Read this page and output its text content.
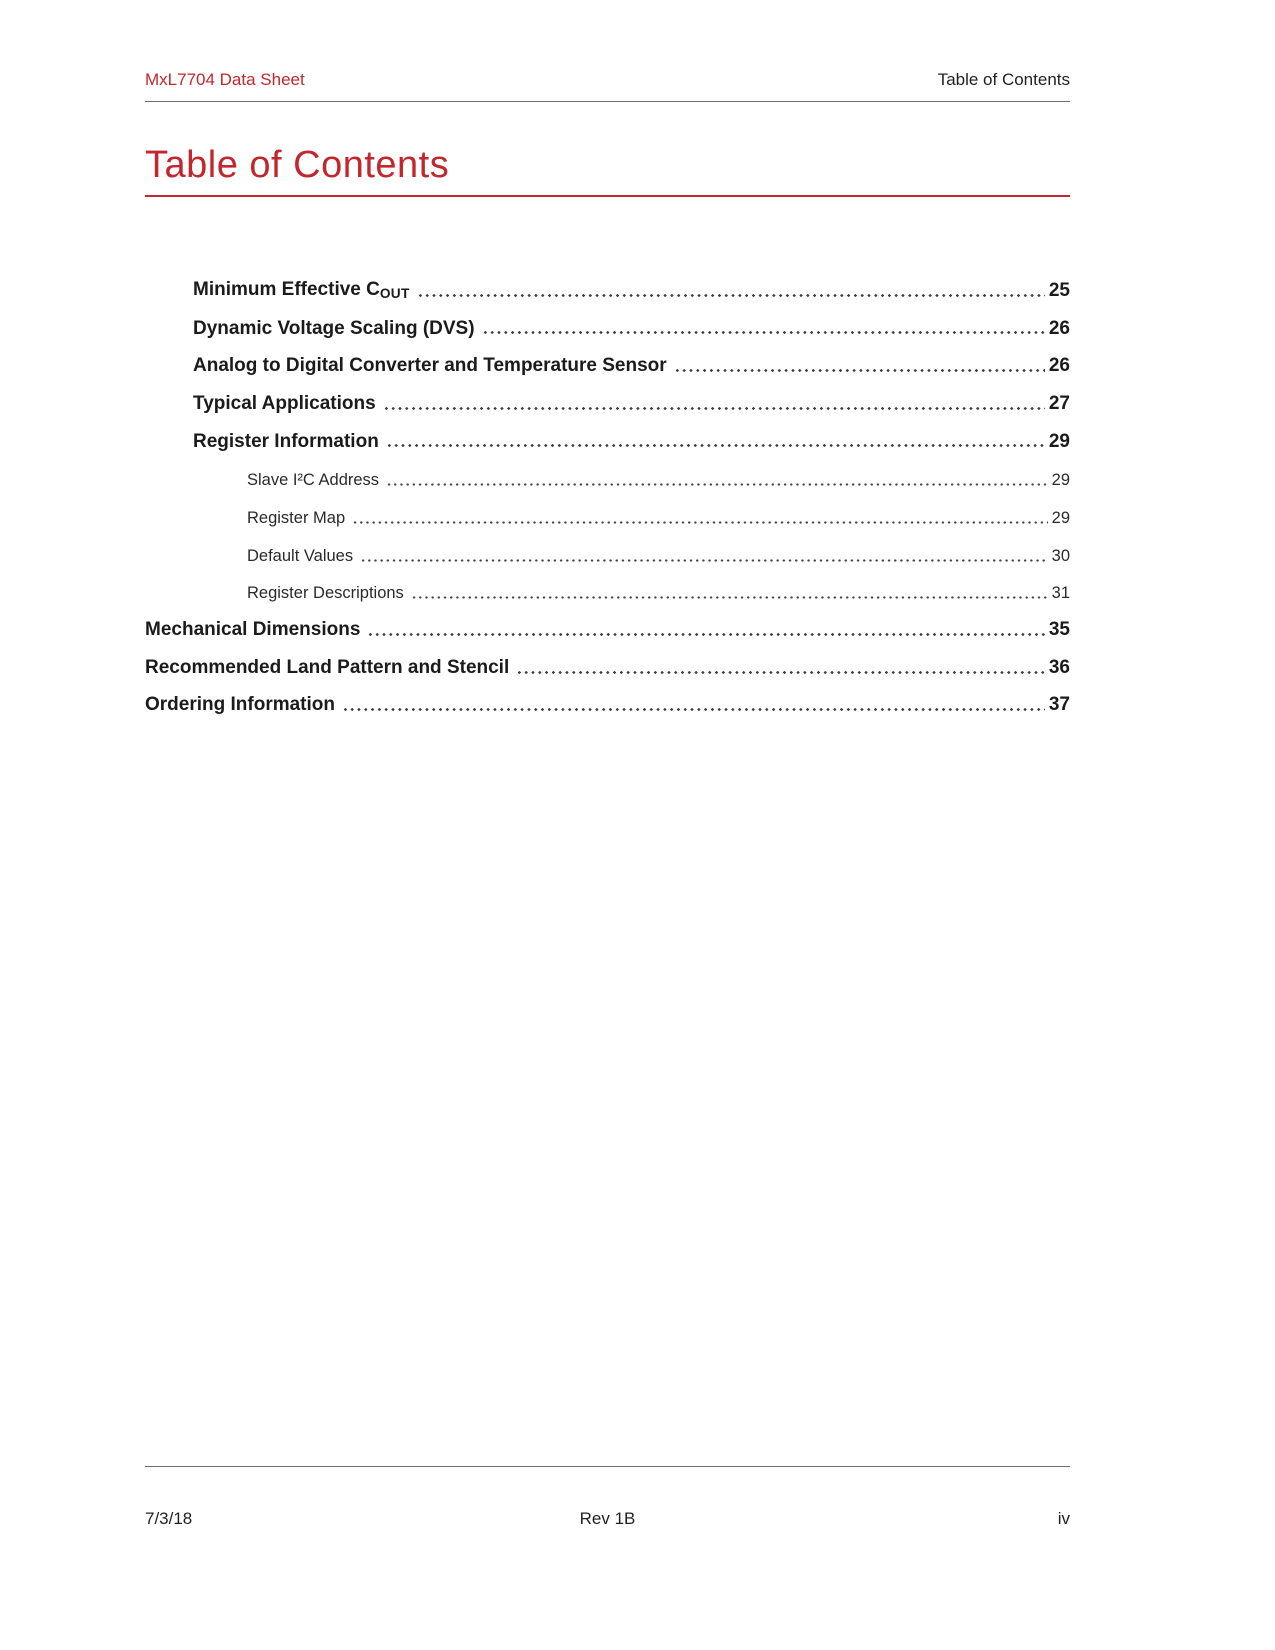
MxL7704 Data Sheet	Table of Contents
Table of Contents
Minimum Effective $C_{OUT}$	25
Dynamic Voltage Scaling (DVS)	26
Analog to Digital Converter and Temperature Sensor	26
Typical Applications	27
Register Information	29
Slave I²C Address	29
Register Map	29
Default Values	30
Register Descriptions	31
Mechanical Dimensions	35
Recommended Land Pattern and Stencil	36
Ordering Information	37
7/3/18	Rev 1B	iv
